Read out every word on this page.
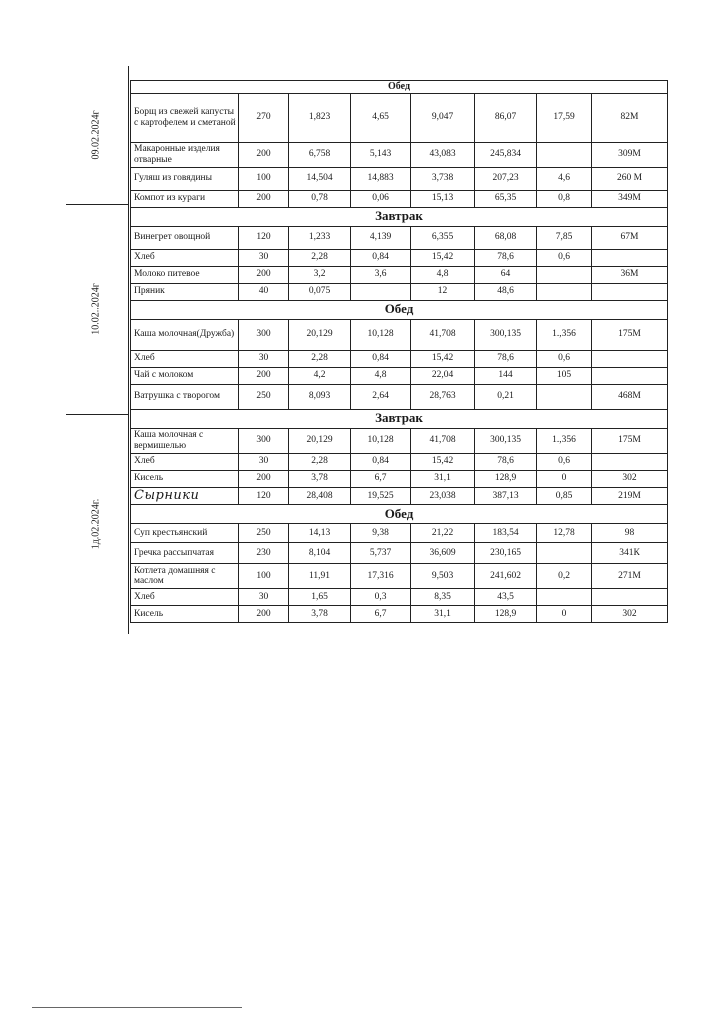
09.02.2024г
10.02..2024г
1д.02.2024г.
Обед							
Борщ из свежей капусты с картофелем и сметаной	270	1,823	4,65	9,047	86,07	17,59	82М
Макаронные изделия отварные	200	6,758	5,143	43,083	245,834		309М
Гуляш из говядины	100	14,504	14,883	3,738	207,23	4,6	260 М
Компот из кураги	200	0,78	0,06	15,13	65,35	0,8	349М
Завтрак							
Винегрет овощной	120	1,233	4,139	6,355	68,08	7,85	67М
Хлеб	30	2,28	0,84	15,42	78,6	0,6	
Молоко питевое	200	3,2	3,6	4,8	64		36М
Пряник	40	0,075		12	48,6		
Обед							
Каша молочная(Дружба)	300	20,129	10,128	41,708	300,135	1.,356	175М
Хлеб	30	2,28	0,84	15,42	78,6	0,6	
Чай с молоком	200	4,2	4,8	22,04	144	105	
Ватрушка с творогом	250	8,093	2,64	28,763	0,21		468М
Завтрак							
Каша молочная с вермишелью	300	20,129	10,128	41,708	300,135	1.,356	175М
Хлеб	30	2,28	0,84	15,42	78,6	0,6	
Кисель	200	3,78	6,7	31,1	128,9	0	302
Сырники	120	28,408	19,525	23,038	387,13	0,85	219М
Обед							
Суп крестьянский	250	14,13	9,38	21,22	183,54	12,78	98
Гречка рассыпчатая	230	8,104	5,737	36,609	230,165		341К
Котлета домашняя с маслом	100	11,91	17,316	9,503	241,602	0,2	271М
Хлеб	30	1,65	0,3	8,35	43,5		
Кисель	200	3,78	6,7	31,1	128,9	0	302
